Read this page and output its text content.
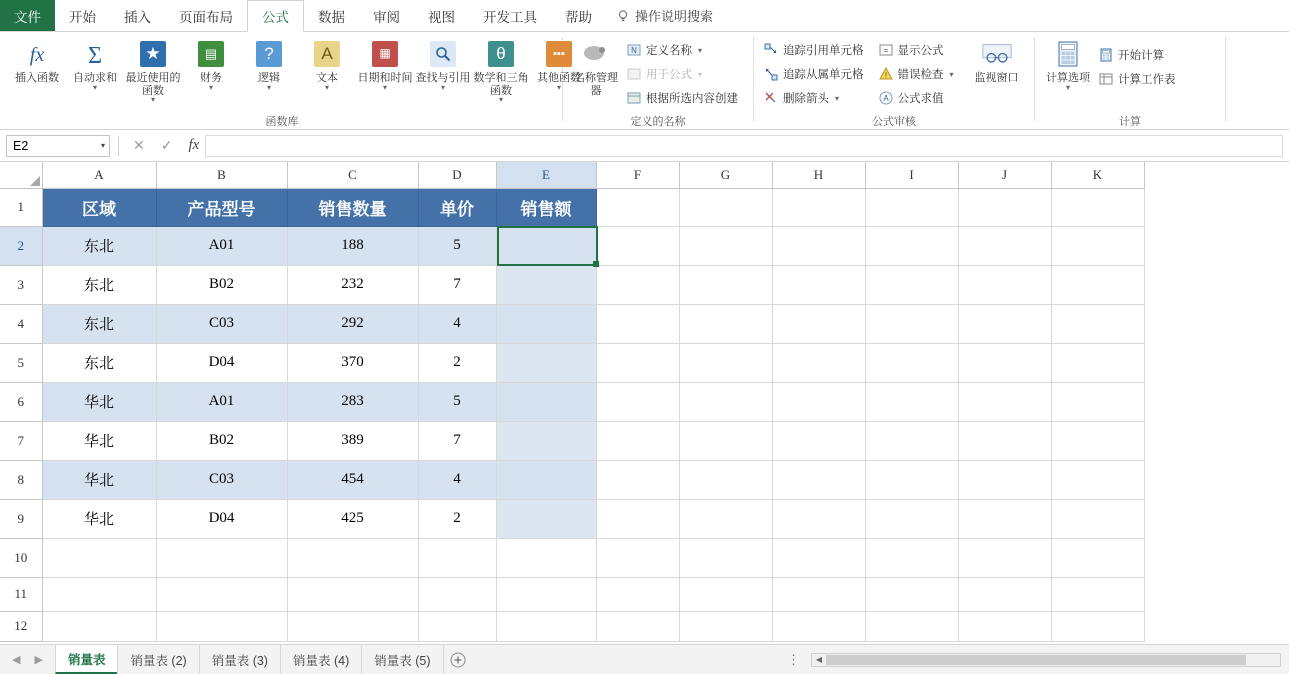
文件 开始 插入 页面布局 公式 数据 审阅 视图 开发工具 帮助	操作说明搜索
fx
插入函数
Σ
自动求和
▾
★
最近使用的函数
▾
▤
财务
▾
?
逻辑
▾
A
文本
▾
▦
日期和时间
▾
查找与引用
▾
θ
数学和三角函数
▾
▪▪▪
其他函数
▾
函数库
名称管理器
N 定义名称 ▾
用于公式 ▾
根据所选内容创建
定义的名称
追踪引用单元格
追踪从属单元格
删除箭头 ▾
= 显示公式
! 错误检查 ▾
A 公式求值
监视窗口
公式审核
计算选项
▾
开始计算
计算工作表
计算
E2	▾ ✕ ✓ fx
	A	B	C	D	E	F	G	H	I	J	K
1	区域	产品型号	销售数量	单价	销售额						
2	东北	A01	188	5							
3	东北	B02	232	7							
4	东北	C03	292	4							
5	东北	D04	370	2							
6	华北	A01	283	5							
7	华北	B02	389	7							
8	华北	C03	454	4							
9	华北	D04	425	2							
10											
11											
12											
◀ ▶ 销量表 销量表 (2) 销量表 (3) 销量表 (4) 销量表 (5)	⋮	◀
